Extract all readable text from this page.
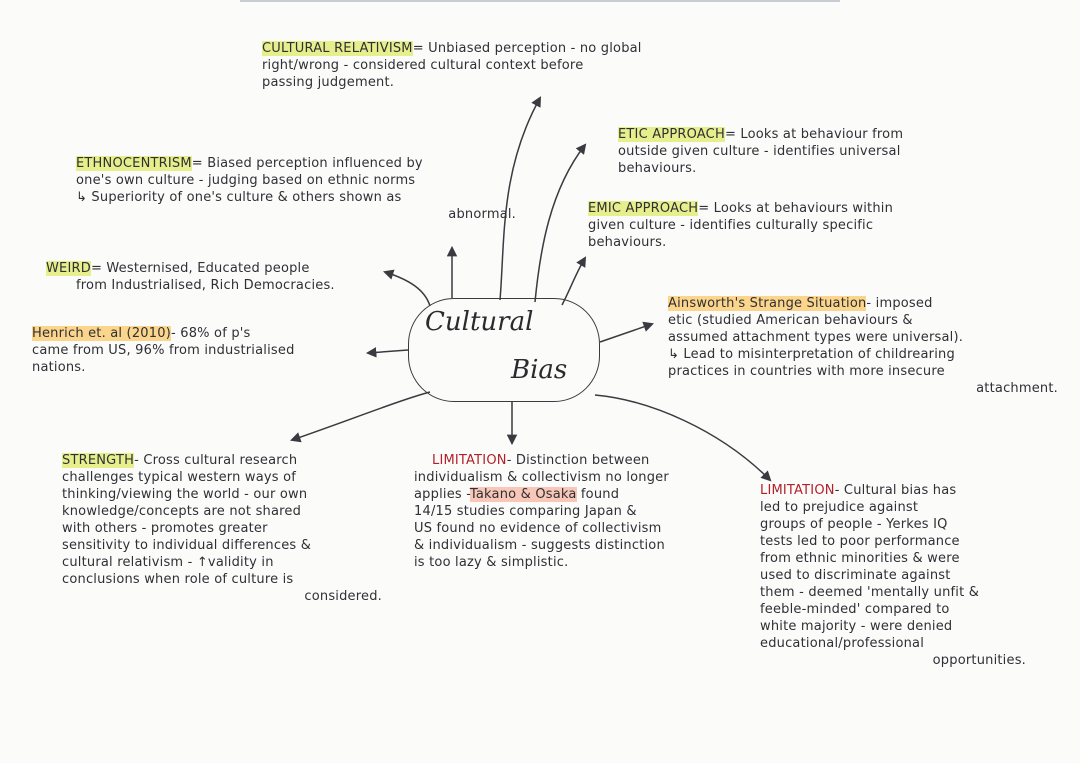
Cultural
Bias

CULTURAL RELATIVISM= Unbiased perception - no global

right/wrong - considered cultural context before

passing judgement.

ETIC APPROACH= Looks at behaviour from

outside given culture - identifies universal

behaviours.

ETHNOCENTRISM= Biased perception influenced by

one's own culture - judging based on ethnic norms

↳ Superiority of one's culture & others shown as

abnormal.	EMIC APPROACH= Looks at behaviours within

given culture - identifies culturally specific

behaviours.

WEIRD= Westernised, Educated people

from Industrialised, Rich Democracies.

Ainsworth's Strange Situation- imposed

etic (studied American behaviours &

assumed attachment types were universal).

↳ Lead to misinterpretation of childrearing

practices in countries with more insecure

attachment.

Henrich et. al (2010)- 68% of p's

came from US, 96% from industrialised

nations.

STRENGTH- Cross cultural research

challenges typical western ways of

thinking/viewing the world - our own

knowledge/concepts are not shared

with others - promotes greater

sensitivity to individual differences &

cultural relativism - ↑validity in

conclusions when role of culture is

considered.

LIMITATION- Distinction between

individualism & collectivism no longer

applies -Takano & Osaka found

14/15 studies comparing Japan &

US found no evidence of collectivism

& individualism - suggests distinction

is too lazy & simplistic.

LIMITATION- Cultural bias has

led to prejudice against

groups of people - Yerkes IQ

tests led to poor performance

from ethnic minorities & were

used to discriminate against

them - deemed 'mentally unfit &

feeble-minded' compared to

white majority - were denied

educational/professional

opportunities.
